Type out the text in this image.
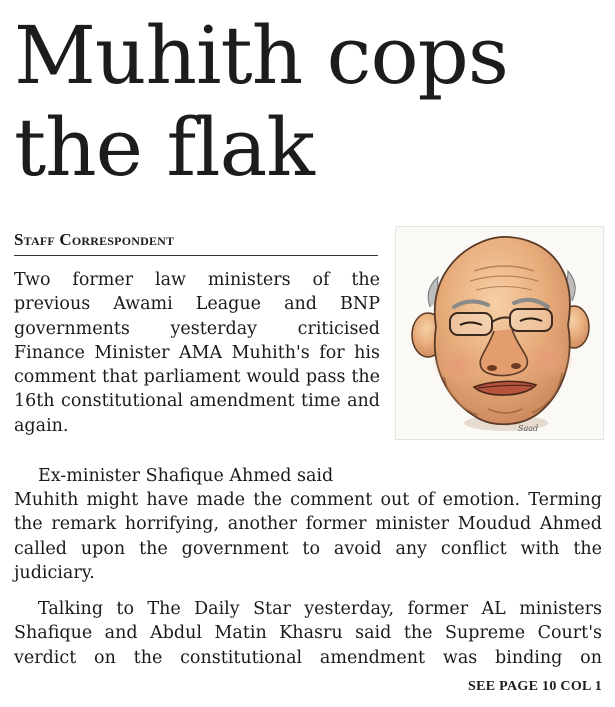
Muhith cops the flak
Staff Correspondent
Saad

Two former law ministers of the previous Awami League and BNP governments yesterday criticised Finance Minister AMA Muhith's for his comment that parliament would pass the 16th constitutional amendment time and again.

Ex-minister Shafique Ahmed said

Muhith might have made the comment out of emotion. Terming the remark horrifying, another former minister Moudud Ahmed called upon the government to avoid any conflict with the judiciary.

Talking to The Daily Star yesterday, former AL ministers Shafique and Abdul Matin Khasru said the Supreme Court's verdict on the constitutional amendment was binding on

SEE PAGE 10 COL 1
